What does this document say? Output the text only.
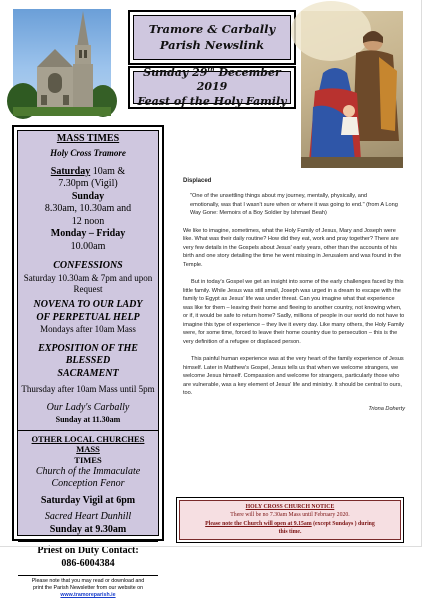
Tramore & Carbally
Parish Newslink
Sunday 29th December 2019
Feast of the Holy Family
MASS TIMES
Holy Cross Tramore
Saturday 10am &
7.30pm (Vigil)
Sunday
8.30am, 10.30am and
12 noon
Monday – Friday
10.00am
CONFESSIONS
Saturday 10.30am & 7pm and upon
Request
NOVENA TO OUR LADY
OF PERPETUAL HELP
Mondays after 10am Mass
EXPOSITION OF THE BLESSED
SACRAMENT
Thursday after 10am Mass until 5pm
Our Lady's Carbally
Sunday at 11.30am
OTHER LOCAL CHURCHES MASS
TIMES
Church of the Immaculate
Conception Fenor
Saturday Vigil at 6pm
Sacred Heart Dunhill
Sunday at 9.30am
Priest on Duty Contact:
086-6004384
Please note that you may read or download and
print the Parish Newsletter from our website on
www.tramoreparish.ie
Displaced

"One of the unsettling things about my journey, mentally, physically, and emotionally, was that I wasn't sure when or where it was going to end." (from A Long Way Gone: Memoirs of a Boy Soldier by Ishmael Beah)

We like to imagine, sometimes, what the Holy Family of Jesus, Mary and Joseph were like. What was their daily routine? How did they eat, work and pray together? There are very few details in the Gospels about Jesus' early years, other than the accounts of his birth and one story detailing the time he went missing in Jerusalem and was found in the Temple.

But in today's Gospel we get an insight into some of the early challenges faced by this little family. While Jesus was still small, Joseph was urged in a dream to escape with the family to Egypt as Jesus' life was under threat. Can you imagine what that experience was like for them – leaving their home and fleeing to another country, not knowing when, or if, it would be safe to return home? Sadly, millions of people in our world do not have to imagine this type of experience – they live it every day. Like many others, the Holy Family were, for some time, forced to leave their home country due to persecution – this is the very definition of a refugee or displaced person.

This painful human experience was at the very heart of the family experience of Jesus himself. Later in Matthew's Gospel, Jesus tells us that when we welcome strangers, we welcome Jesus himself. Compassion and welcome for strangers, particularly those who are vulnerable, was a key element of Jesus' life and ministry. It should be central to ours, too.

Triona Doherty
HOLY CROSS CHURCH NOTICE
There will be no 7.30am Mass until February 2020.
Please note the Church will open at 9.15am (except Sundays ) during
this time.
